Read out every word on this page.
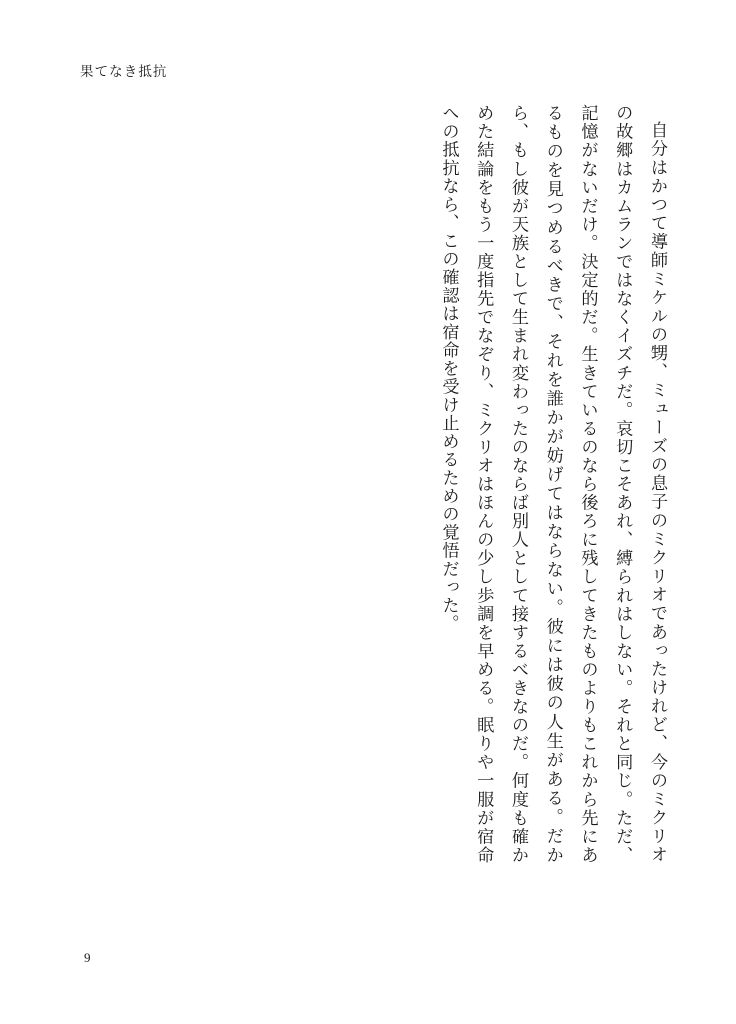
果てなき抵抗

自分はかつて導師ミケルの甥、ミューズの息子のミクリオであったけれど、今のミクリオの故郷はカムランではなくイズチだ。哀切こそあれ、縛られはしない。それと同じ。ただ、記憶がないだけ。決定的だ。生きているのなら後ろに残してきたものよりもこれから先にあるものを見つめるべきで、それを誰かが妨げてはならない。彼には彼の人生がある。だから、もし彼が天族として生まれ変わったのならば別人として接するべきなのだ。何度も確かめた結論をもう一度指先でなぞり、ミクリオはほんの少し歩調を早める。眠りや一服が宿命への抵抗なら、この確認は宿命を受け止めるための覚悟だった。

9
